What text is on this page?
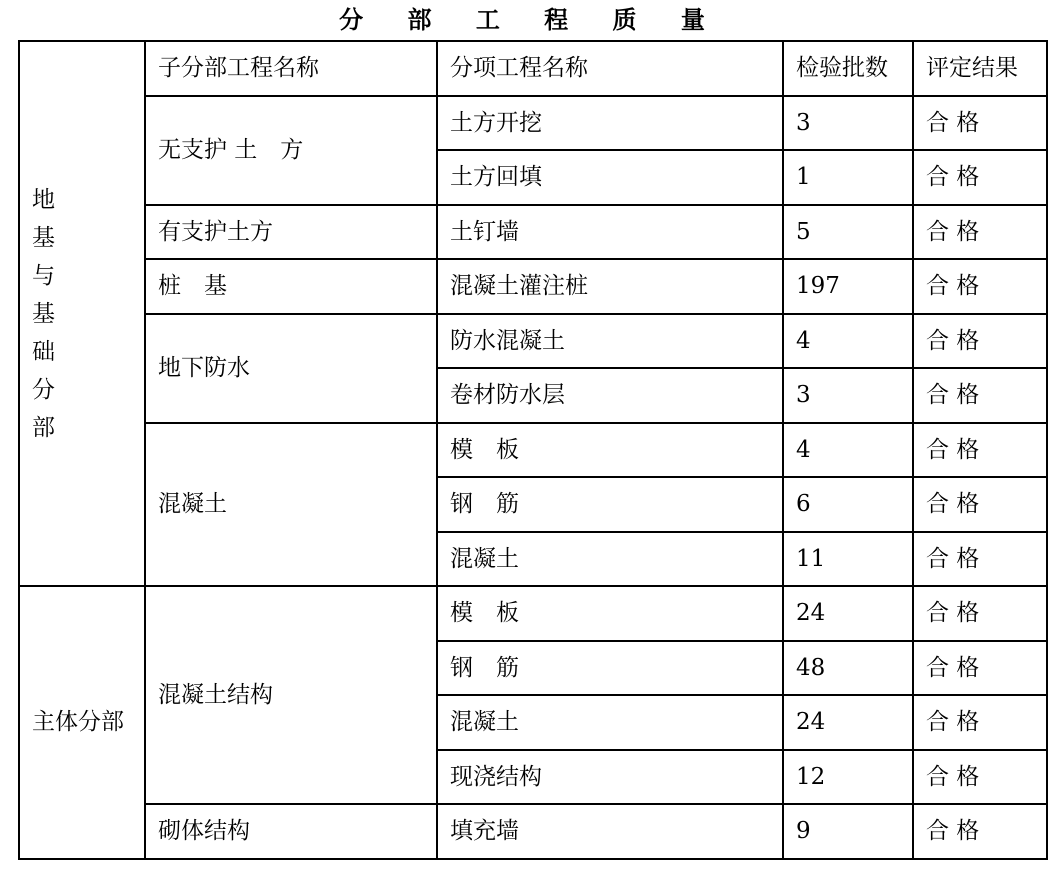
分 部 工 程 质 量
地基与基础分部	子分部工程名称	分项工程名称	检验批数	评定结果
	无支护 土　方	土方开挖	3	合 格
		土方回填	1	合 格
	有支护土方	土钉墙	5	合 格
	桩　基	混凝土灌注桩	197	合 格
	地下防水	防水混凝土	4	合 格
		卷材防水层	3	合 格
	混凝土	模　板	4	合 格
		钢　筋	6	合 格
		混凝土	11	合 格
主体分部	混凝土结构	模　板	24	合 格
		钢　筋	48	合 格
		混凝土	24	合 格
		现浇结构	12	合 格
	砌体结构	填充墙	9	合 格
